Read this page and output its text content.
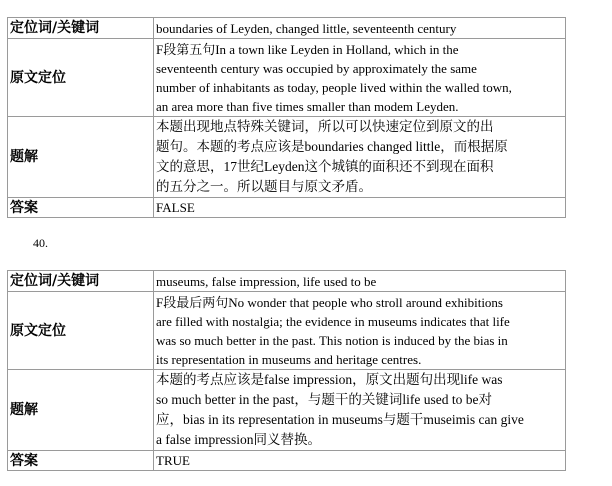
定位词/关键词	boundaries of Leyden, changed little, seventeenth century
原文定位	F段第五句In a town like Leyden in Holland, which in the
seventeenth century was occupied by approximately the same
number of inhabitants as today, people lived within the walled town,
an area more than five times smaller than modem Leyden.

题解	本题出现地点特殊关键词，所以可以快速定位到原文的出
题句。本题的考点应该是boundaries changed little，而根据原
文的意思，17世纪Leyden这个城镇的面积还不到现在面积
的五分之一。所以题目与原文矛盾。

答案	FALSE
40.
定位词/关键词	museums, false impression, life used to be
原文定位	F段最后两句No wonder that people who stroll around exhibitions
are filled with nostalgia; the evidence in museums indicates that life
was so much better in the past. This notion is induced by the bias in
its representation in museums and heritage centres.

题解	本题的考点应该是false impression，原文出题句出现life was
so much better in the past，与题干的关键词life used to be对
应，bias in its representation in museums与题干museimis can give
a false impression同义替换。

答案	TRUE
